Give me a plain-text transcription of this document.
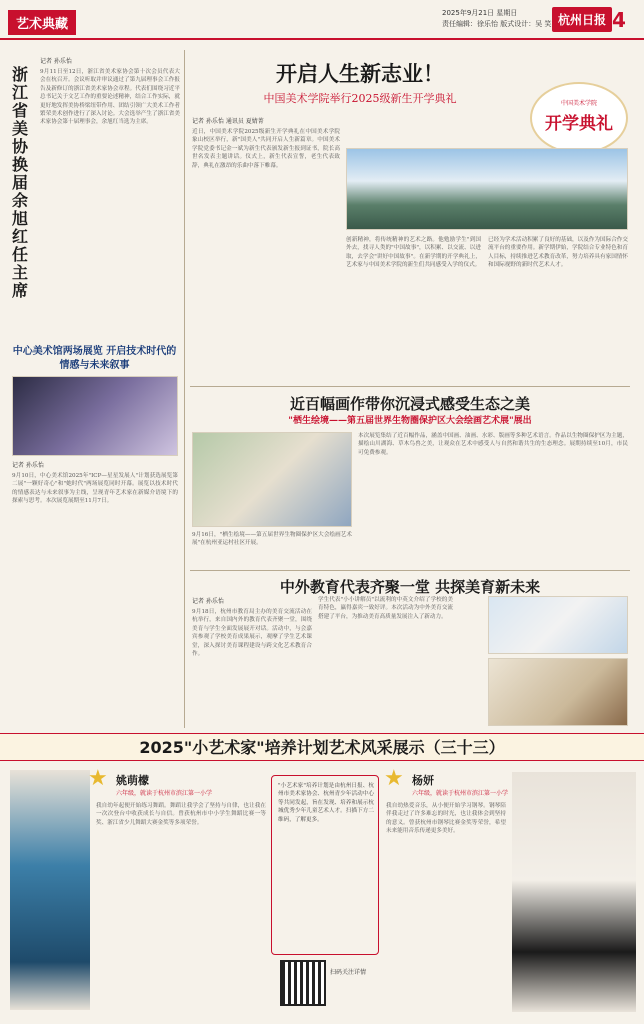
艺术典藏
2025年9月21日 星期日
责任编辑：徐乐怡 版式设计：吴 笑 杭州日报 4
记者 孙乐怡
浙江省美协换届 余旭红任主席
9月11日至12日，浙江省美术家协会第十次会员代表大会在杭召开。会议听取并审议通过了第九届理事会工作报告及新修订的浙江省美术家协会章程。代表们围绕习近平总书记关于文艺工作的重要论述精神，结合工作实际，就更好地发挥美协桥梁纽带作用、团结引领广大美术工作者繁荣美术创作进行了深入讨论。大会选举产生了浙江省美术家协会第十届理事会，余旭红当选为主席。
中心美术馆两场展览 开启技术时代的情感与未来叙事
记者 孙乐怡
9月10日，中心美术馆2025年"ICP—星星发展人"计划获选展览第二展"一颗好奇心"和"她时代"两场展览同时开幕。展览以技术时代的情感表达与未来叙事为主线，呈现青年艺术家在新媒介语境下的探索与思考。本次展览展期至11月7日。
开启人生新志业！
中国美术学院举行2025级新生开学典礼	中国美术学院
开学典礼
记者 孙乐怡 通讯员 夏婧菁
近日，中国美术学院2025级新生开学典礼在中国美术学院象山校区举行，新"国美人"共同开启人生新篇章。中国美术学院党委书记金一斌为新生代表颁发新生报到证书，院长高世名发表主题讲话。仪式上，新生代表宣誓，老生代表致辞，典礼在激昂的乐曲中落下帷幕。
创新精神，将传统精神的艺术之路。他勉励学生"到国外去，找寻人类的"中国故事"，以积累、以交流、以进取，去学会"讲好中国故事"。在新学期的开学典礼上，艺术家与中国美术学院的新生们共同感受入学的仪式。
已经为学术活动积累了良好的基础，以及作为国际合作交流平台的重要作用。新学期伊始，学院结合专业特色和育人目标，持续推进艺术教育改革，努力培养具有家国情怀和国际视野的新时代艺术人才。
近百幅画作带你沉浸式感受生态之美
"栖生绘境——第五届世界生物圈保护区大会绘画艺术展"展出
9月16日，"栖生绘境——第五届世界生物圈保护区大会绘画艺术展"在杭州亚运村社区开展。
本次展览集结了近百幅作品，涵盖中国画、油画、水彩、版画等多种艺术语言。作品以生物圈保护区为主题，描绘山川湖海、草木鸟兽之美，让观众在艺术中感受人与自然和谐共生的生态理念。展期持续至10月，市民可免费参观。
中外教育代表齐聚一堂 共探美育新未来
记者 孙乐怡
9月18日，杭州市教育局主办的美育交流活动在杭举行，来自国内外的教育代表齐聚一堂，围绕美育与学生全面发展展开对话。活动中，与会嘉宾参观了学校美育成果展示，观摩了学生艺术课堂，深入探讨美育课程建设与跨文化艺术教育合作。
学生代表"小小讲解员"以流利的中英文介绍了学校的美育特色，赢得嘉宾一致好评。本次活动为中外美育交流搭建了平台，为推动美育高质量发展注入了新动力。
2025"小艺术家"培养计划艺术风采展示（三十三）
★ 姚萌檬
六年级，就读于杭州市滨江第一小学
我自幼年起便开始练习舞蹈。舞蹈让我学会了坚持与自律，也让我在一次次登台中收获成长与自信。曾获杭州市中小学生舞蹈比赛一等奖、浙江省少儿舞蹈大赛金奖等多项荣誉。
"小艺术家"培养计划是由杭州日报、杭州市美术家协会、杭州青少年活动中心等共同发起，旨在发现、培养和展示杭城优秀少年儿童艺术人才。扫描下方二维码，了解更多。
扫码关注详情
★ 杨妍
六年级，就读于杭州市滨江第一小学
我自幼热爱音乐，从小便开始学习钢琴。钢琴陪伴我走过了许多难忘的时光，也让我体会到坚持的意义。曾获杭州市钢琴比赛金奖等荣誉，希望未来能用音乐传递更多美好。
